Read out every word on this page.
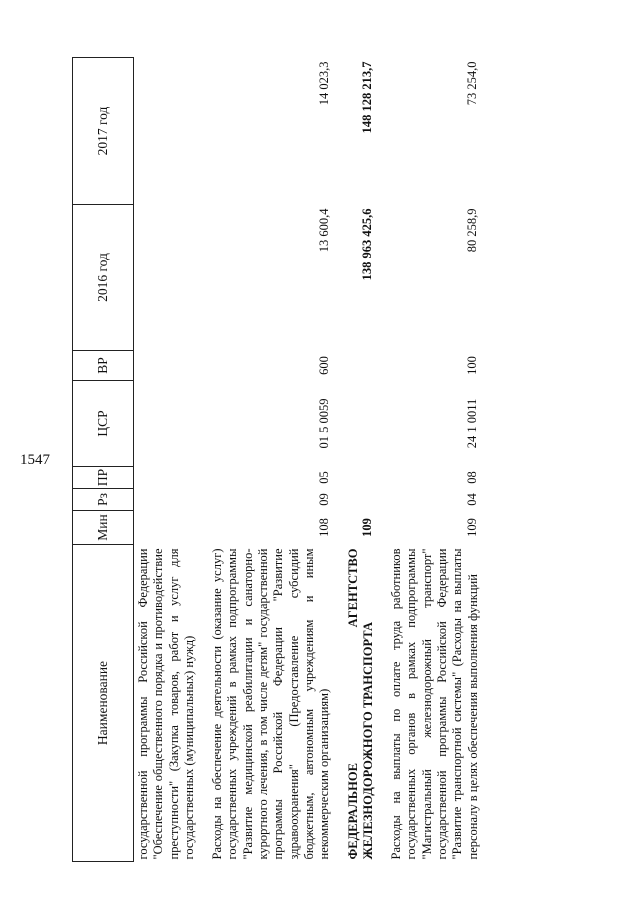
1547
Наименование	Мин	Рз	ПР	ЦСР	ВР	2016 год	2017 год
государственной программы Российской Федерации "Обеспечение общественного порядка и противодействие преступности" (Закупка товаров, работ и услуг для государственных (муниципальных) нужд)							
Расходы на обеспечение деятельности (оказание услуг) государственных учреждений в рамках подпрограммы "Развитие медицинской реабилитации и санаторно-курортного лечения, в том числе детям" государственной программы Российской Федерации "Развитие здравоохранения" (Предоставление субсидий бюджетным, автономным учреждениям и иным некоммерческим организациям)	108	09	05	01 5 0059	600	13 600,4	14 023,3
ФЕДЕРАЛЬНОЕ АГЕНТСТВО ЖЕЛЕЗНОДОРОЖНОГО ТРАНСПОРТА	109					138 963 425,6	148 128 213,7
Расходы на выплаты по оплате труда работников государственных органов в рамках подпрограммы "Магистральный железнодорожный транспорт" государственной программы Российской Федерации "Развитие транспортной системы" (Расходы на выплаты персоналу в целях обеспечения выполнения функций	109	04	08	24 1 0011	100	80 258,9	73 254,0
